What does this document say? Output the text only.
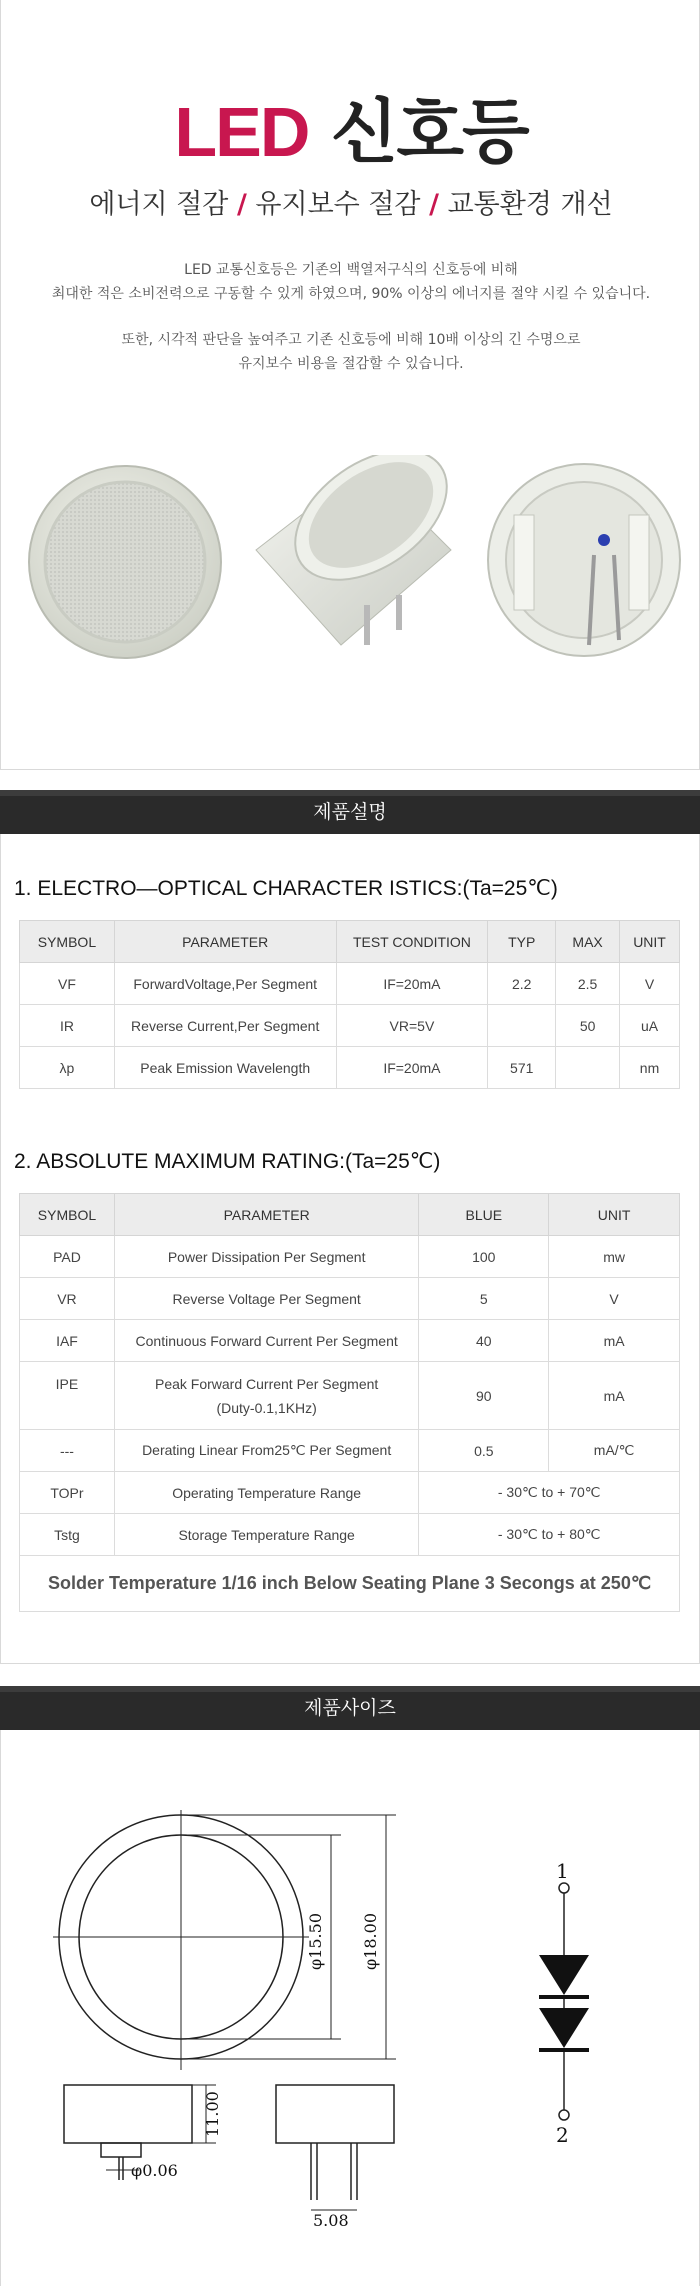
LED 신호등
에너지 절감 / 유지보수 절감 / 교통환경 개선
LED 교통신호등은 기존의 백열저구식의 신호등에 비해
최대한 적은 소비전력으로 구동할 수 있게 하였으며, 90% 이상의 에너지를 절약 시킬 수 있습니다.
또한, 시각적 판단을 높여주고 기존 신호등에 비해 10배 이상의 긴 수명으로
유지보수 비용을 절감할 수 있습니다.
제품설명
1. ELECTRO—OPTICAL CHARACTER ISTICS:(Ta=25℃)
SYMBOL	PARAMETER	TEST CONDITION	TYP	MAX	UNIT
VF	ForwardVoltage,Per Segment	IF=20mA	2.2	2.5	V
IR	Reverse Current,Per Segment	VR=5V		50	uA
λp	Peak Emission Wavelength	IF=20mA	571		nm
2. ABSOLUTE MAXIMUM RATING:(Ta=25℃)
SYMBOL	PARAMETER	BLUE	UNIT
PAD	Power Dissipation Per Segment	100	mw
VR	Reverse Voltage Per Segment	5	V
IAF	Continuous Forward Current Per Segment	40	mA
IPE	Peak Forward Current Per Segment
(Duty-0.1,1KHz)	90	mA
---	Derating Linear From25℃ Per Segment	0.5	mA/℃
TOPr	Operating Temperature Range	- 30℃ to + 70℃	
Tstg	Storage Temperature Range	- 30℃ to + 80℃	
Solder Temperature 1/16 inch Below Seating Plane 3 Secongs at 250℃			
제품사이즈
φ15.50 φ18.00
11.00
φ0.06
5.08
1
2
